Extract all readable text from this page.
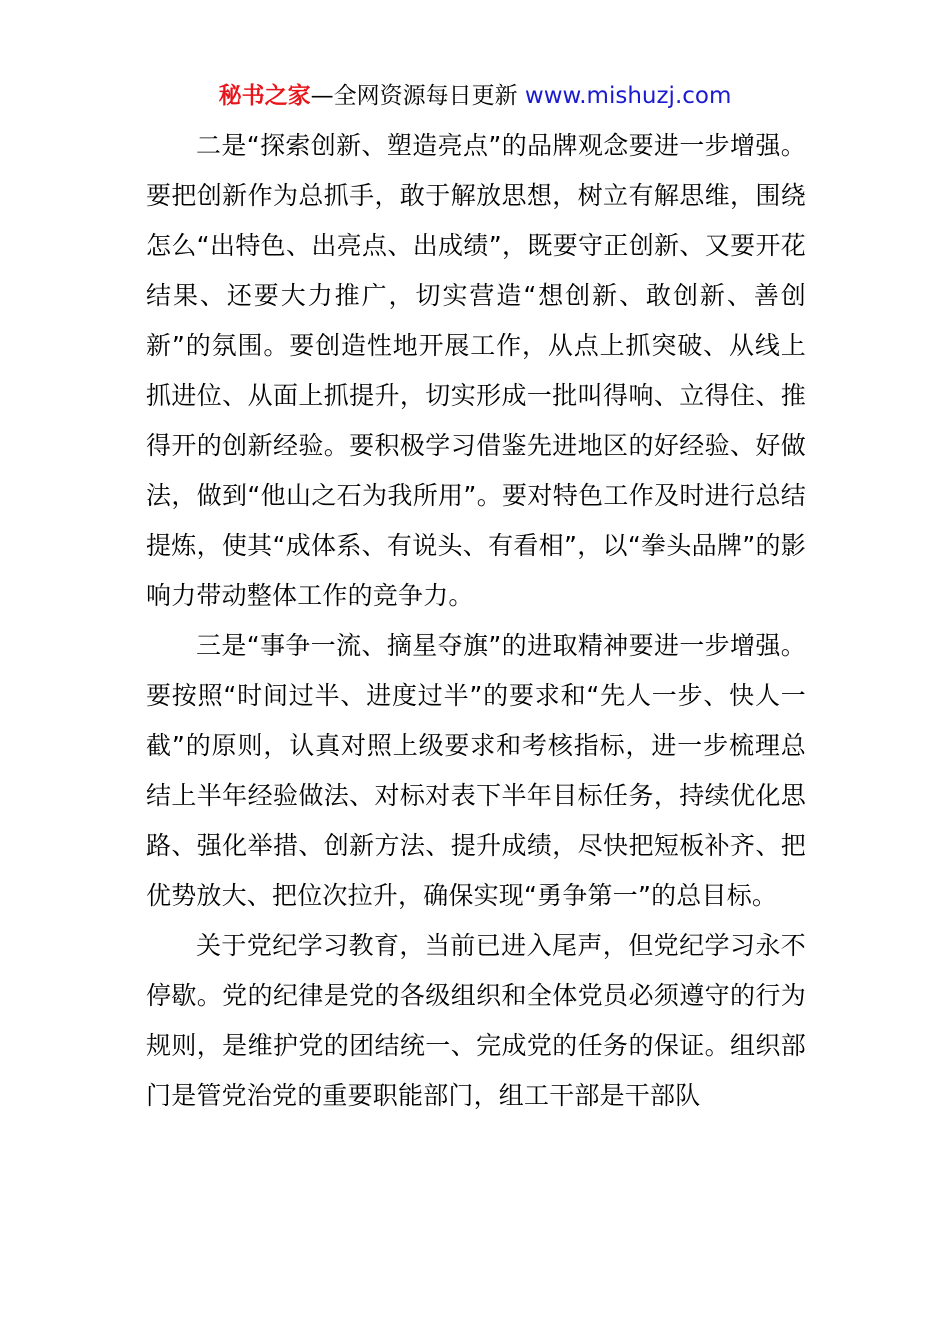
秘书之家—全网资源每日更新 www.mishuzj.com

二是“探索创新、塑造亮点”的品牌观念要进一步增强。要把创新作为总抓手，敢于解放思想，树立有解思维，围绕怎么“出特色、出亮点、出成绩”，既要守正创新、又要开花结果、还要大力推广，切实营造“想创新、敢创新、善创新”的氛围。要创造性地开展工作，从点上抓突破、从线上抓进位、从面上抓提升，切实形成一批叫得响、立得住、推得开的创新经验。要积极学习借鉴先进地区的好经验、好做法，做到“他山之石为我所用”。要对特色工作及时进行总结提炼，使其“成体系、有说头、有看相”，以“拳头品牌”的影响力带动整体工作的竞争力。

三是“事争一流、摘星夺旗”的进取精神要进一步增强。要按照“时间过半、进度过半”的要求和“先人一步、快人一截”的原则，认真对照上级要求和考核指标，进一步梳理总结上半年经验做法、对标对表下半年目标任务，持续优化思路、强化举措、创新方法、提升成绩，尽快把短板补齐、把优势放大、把位次拉升，确保实现“勇争第一”的总目标。

关于党纪学习教育，当前已进入尾声，但党纪学习永不停歇。党的纪律是党的各级组织和全体党员必须遵守的行为规则，是维护党的团结统一、完成党的任务的保证。组织部门是管党治党的重要职能部门，组工干部是干部队
